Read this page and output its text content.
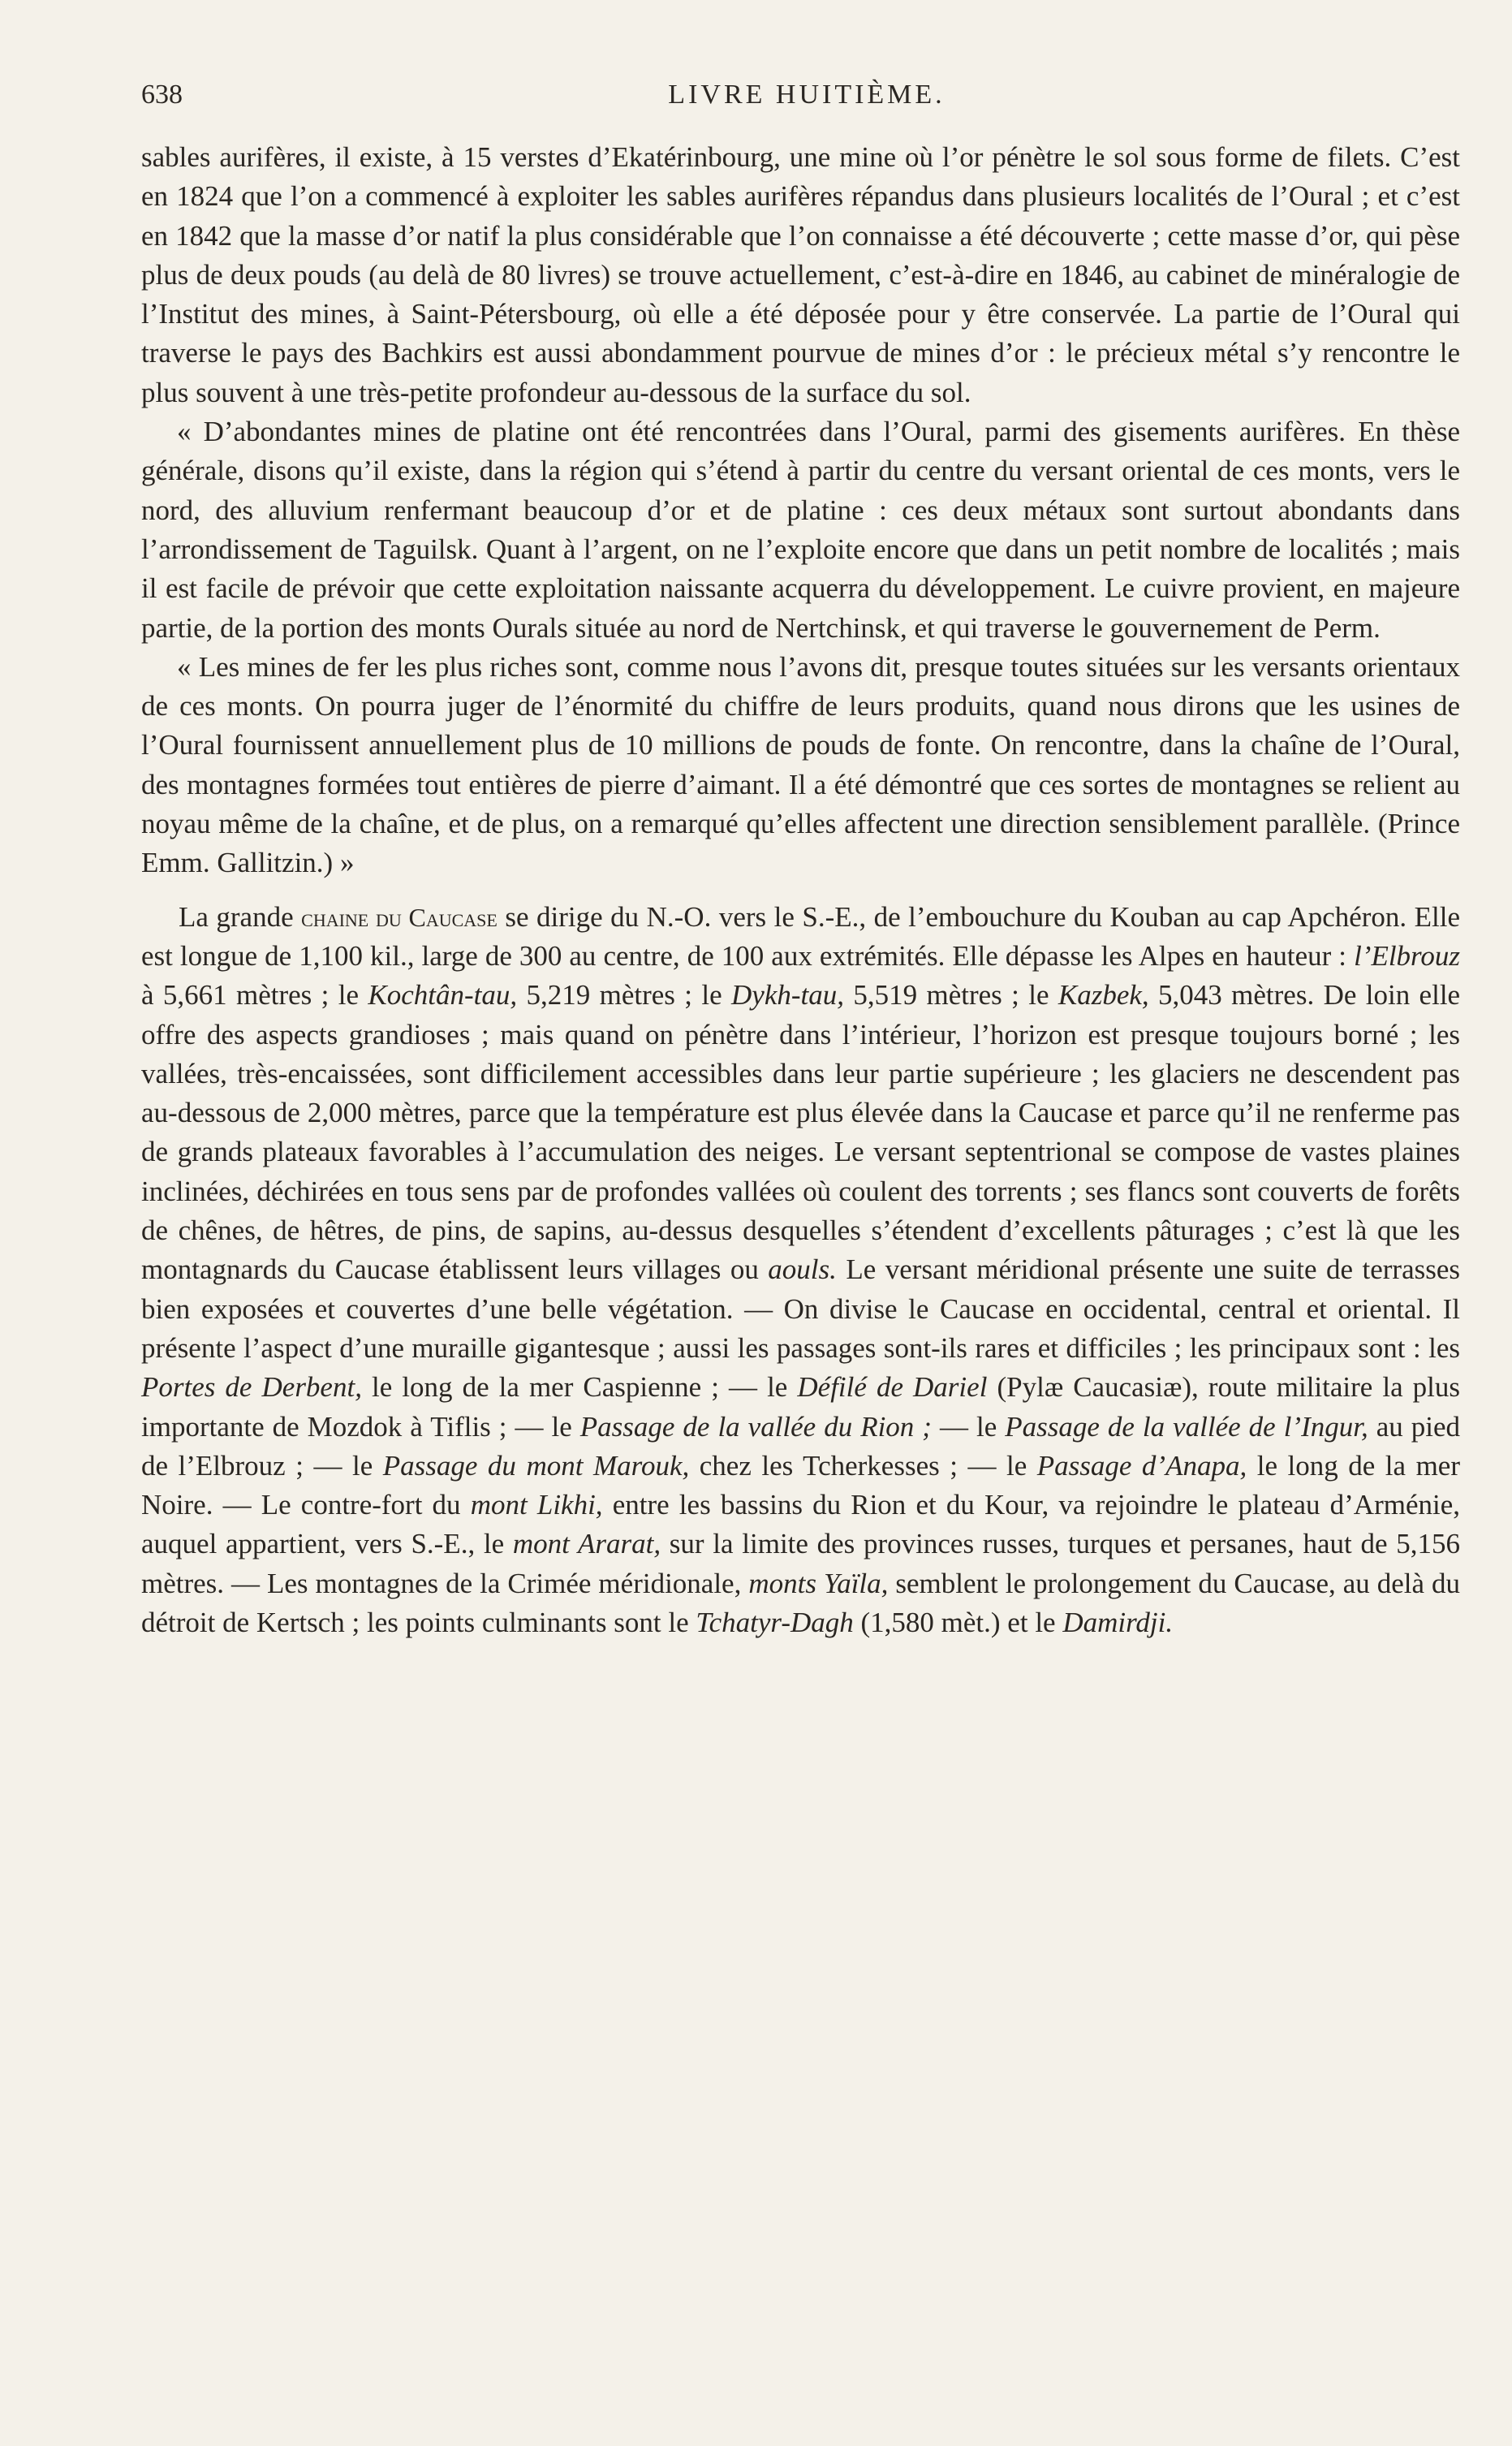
638	LIVRE HUITIÈME.

sables aurifères, il existe, à 15 verstes d’Ekatérinbourg, une mine où l’or pénètre le sol sous forme de filets. C’est en 1824 que l’on a commencé à exploiter les sables aurifères répandus dans plusieurs localités de l’Oural ; et c’est en 1842 que la masse d’or natif la plus considérable que l’on connaisse a été découverte ; cette masse d’or, qui pèse plus de deux pouds (au delà de 80 livres) se trouve actuellement, c’est-à-dire en 1846, au cabinet de minéralogie de l’Institut des mines, à Saint-Pétersbourg, où elle a été déposée pour y être conservée. La partie de l’Oural qui traverse le pays des Bachkirs est aussi abondamment pourvue de mines d’or : le précieux métal s’y rencontre le plus souvent à une très-petite profondeur au-dessous de la surface du sol.

« D’abondantes mines de platine ont été rencontrées dans l’Oural, parmi des gisements aurifères. En thèse générale, disons qu’il existe, dans la région qui s’étend à partir du centre du versant oriental de ces monts, vers le nord, des alluvium renfermant beaucoup d’or et de platine : ces deux métaux sont surtout abondants dans l’arrondissement de Taguilsk. Quant à l’argent, on ne l’exploite encore que dans un petit nombre de localités ; mais il est facile de prévoir que cette exploitation naissante acquerra du développement. Le cuivre provient, en majeure partie, de la portion des monts Ourals située au nord de Nertchinsk, et qui traverse le gouvernement de Perm.

« Les mines de fer les plus riches sont, comme nous l’avons dit, presque toutes situées sur les versants orientaux de ces monts. On pourra juger de l’énormité du chiffre de leurs produits, quand nous dirons que les usines de l’Oural fournissent annuellement plus de 10 millions de pouds de fonte. On rencontre, dans la chaîne de l’Oural, des montagnes formées tout entières de pierre d’aimant. Il a été démontré que ces sortes de montagnes se relient au noyau même de la chaîne, et de plus, on a remarqué qu’elles affectent une direction sensiblement parallèle. (Prince Emm. Gallitzin.) »

La grande chaine du Caucase se dirige du N.-O. vers le S.-E., de l’embouchure du Kouban au cap Apchéron. Elle est longue de 1,100 kil., large de 300 au centre, de 100 aux extrémités. Elle dépasse les Alpes en hauteur : l’Elbrouz à 5,661 mètres ; le Kochtân-tau, 5,219 mètres ; le Dykh-tau, 5,519 mètres ; le Kazbek, 5,043 mètres. De loin elle offre des aspects grandioses ; mais quand on pénètre dans l’intérieur, l’horizon est presque toujours borné ; les vallées, très-encaissées, sont difficilement accessibles dans leur partie supérieure ; les glaciers ne descendent pas au-dessous de 2,000 mètres, parce que la température est plus élevée dans la Caucase et parce qu’il ne renferme pas de grands plateaux favorables à l’accumulation des neiges. Le versant septentrional se compose de vastes plaines inclinées, déchirées en tous sens par de profondes vallées où coulent des torrents ; ses flancs sont couverts de forêts de chênes, de hêtres, de pins, de sapins, au-dessus desquelles s’étendent d’excellents pâturages ; c’est là que les montagnards du Caucase établissent leurs villages ou aouls. Le versant méridional présente une suite de terrasses bien exposées et couvertes d’une belle végétation. — On divise le Caucase en occidental, central et oriental. Il présente l’aspect d’une muraille gigantesque ; aussi les passages sont-ils rares et difficiles ; les principaux sont : les Portes de Derbent, le long de la mer Caspienne ; — le Défilé de Dariel (Pylæ Caucasiæ), route militaire la plus importante de Mozdok à Tiflis ; — le Passage de la vallée du Rion ; — le Passage de la vallée de l’Ingur, au pied de l’Elbrouz ; — le Passage du mont Marouk, chez les Tcherkesses ; — le Passage d’Anapa, le long de la mer Noire. — Le contre-fort du mont Likhi, entre les bassins du Rion et du Kour, va rejoindre le plateau d’Arménie, auquel appartient, vers S.-E., le mont Ararat, sur la limite des provinces russes, turques et persanes, haut de 5,156 mètres. — Les montagnes de la Crimée méridionale, monts Yaïla, semblent le prolongement du Caucase, au delà du détroit de Kertsch ; les points culminants sont le Tchatyr-Dagh (1,580 mèt.) et le Damirdji.
